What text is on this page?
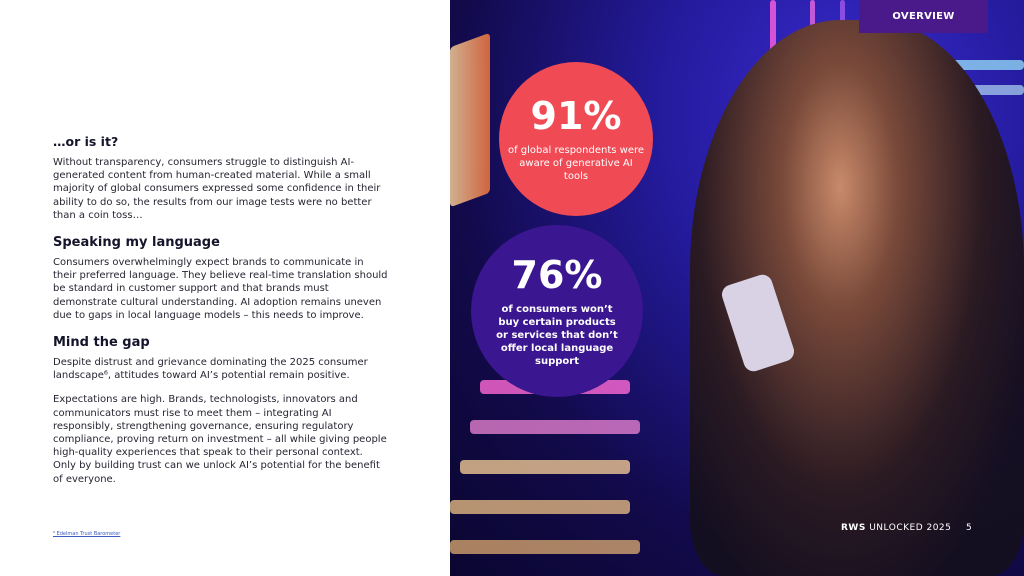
…or is it?

Without transparency, consumers struggle to distinguish AI-generated content from human-created material. While a small majority of global consumers expressed some confidence in their ability to do so, the results from our image tests were no better than a coin toss…

Speaking my language

Consumers overwhelmingly expect brands to communicate in their preferred language. They believe real-time translation should be standard in customer support and that brands must demonstrate cultural understanding. AI adoption remains uneven due to gaps in local language models – this needs to improve.

Mind the gap

Despite distrust and grievance dominating the 2025 consumer landscape⁶, attitudes toward AI’s potential remain positive.

Expectations are high. Brands, technologists, innovators and communicators must rise to meet them – integrating AI responsibly, strengthening governance, ensuring regulatory compliance, proving return on investment – all while giving people high-quality experiences that speak to their personal context. Only by building trust can we unlock AI’s potential for the benefit of everyone.

⁶ Edelman Trust Barometer
OVERVIEW
91%
of global respondents were aware of generative AI tools
76%
of consumers won’t buy certain products or services that don’t offer local language support
RWS UNLOCKED 2025 5
